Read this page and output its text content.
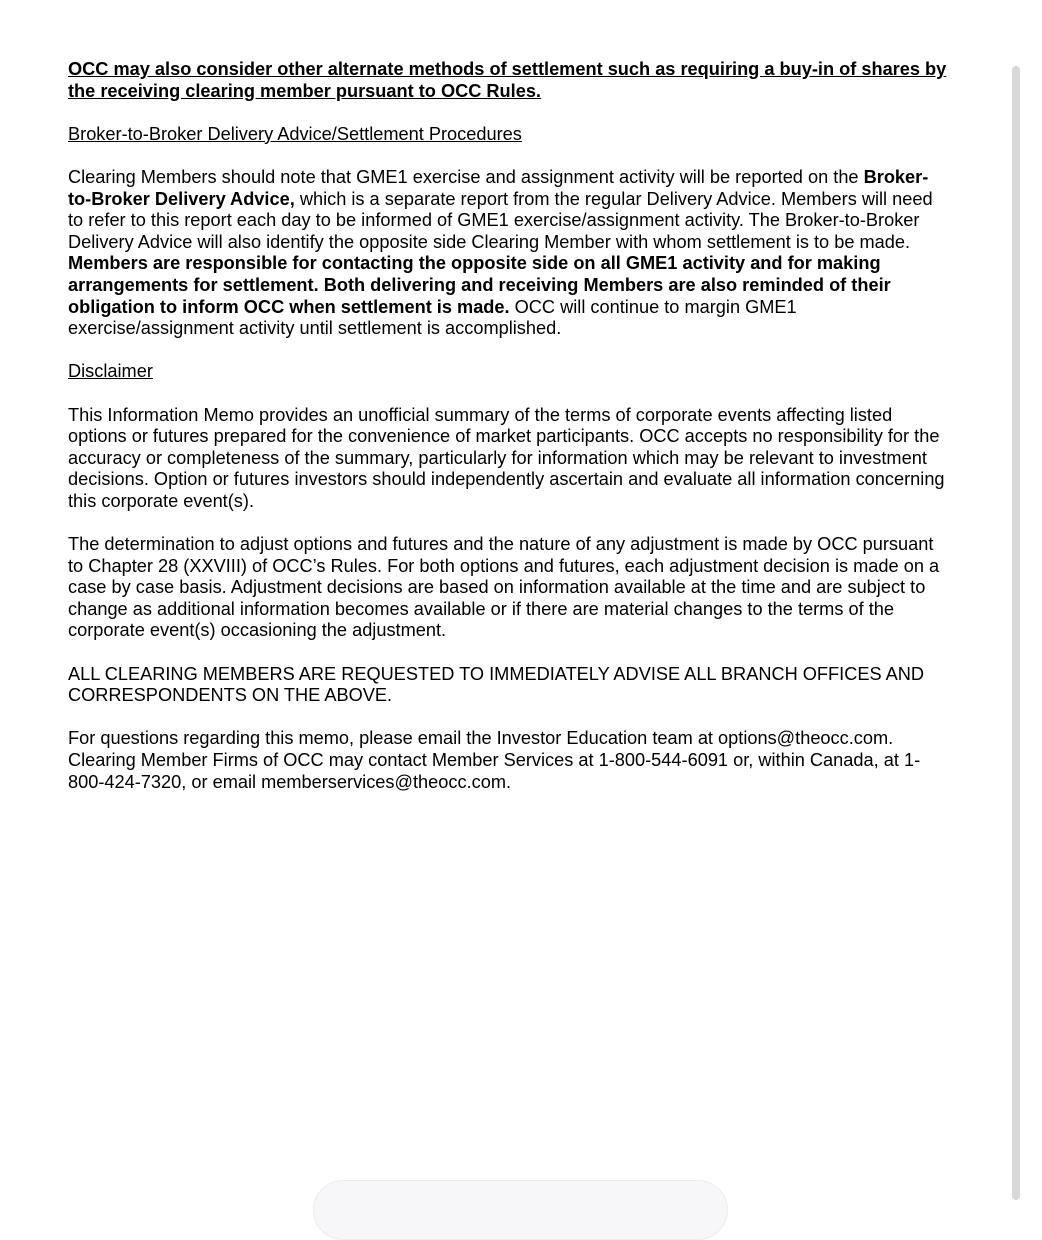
OCC may also consider other alternate methods of settlement such as requiring a buy-in of shares by the receiving clearing member pursuant to OCC Rules.

Broker-to-Broker Delivery Advice/Settlement Procedures

Clearing Members should note that GME1 exercise and assignment activity will be reported on the Broker-to-Broker Delivery Advice, which is a separate report from the regular Delivery Advice. Members will need to refer to this report each day to be informed of GME1 exercise/assignment activity. The Broker-to-Broker Delivery Advice will also identify the opposite side Clearing Member with whom settlement is to be made. Members are responsible for contacting the opposite side on all GME1 activity and for making arrangements for settlement. Both delivering and receiving Members are also reminded of their obligation to inform OCC when settlement is made. OCC will continue to margin GME1 exercise/assignment activity until settlement is accomplished.

Disclaimer

This Information Memo provides an unofficial summary of the terms of corporate events affecting listed options or futures prepared for the convenience of market participants. OCC accepts no responsibility for the accuracy or completeness of the summary, particularly for information which may be relevant to investment decisions. Option or futures investors should independently ascertain and evaluate all information concerning this corporate event(s).

The determination to adjust options and futures and the nature of any adjustment is made by OCC pursuant to Chapter 28 (XXVIII) of OCC’s Rules. For both options and futures, each adjustment decision is made on a case by case basis. Adjustment decisions are based on information available at the time and are subject to change as additional information becomes available or if there are material changes to the terms of the corporate event(s) occasioning the adjustment.

ALL CLEARING MEMBERS ARE REQUESTED TO IMMEDIATELY ADVISE ALL BRANCH OFFICES AND CORRESPONDENTS ON THE ABOVE.

For questions regarding this memo, please email the Investor Education team at options@theocc.com. Clearing Member Firms of OCC may contact Member Services at 1-800-544-6091 or, within Canada, at 1-800-424-7320, or email memberservices@theocc.com.
